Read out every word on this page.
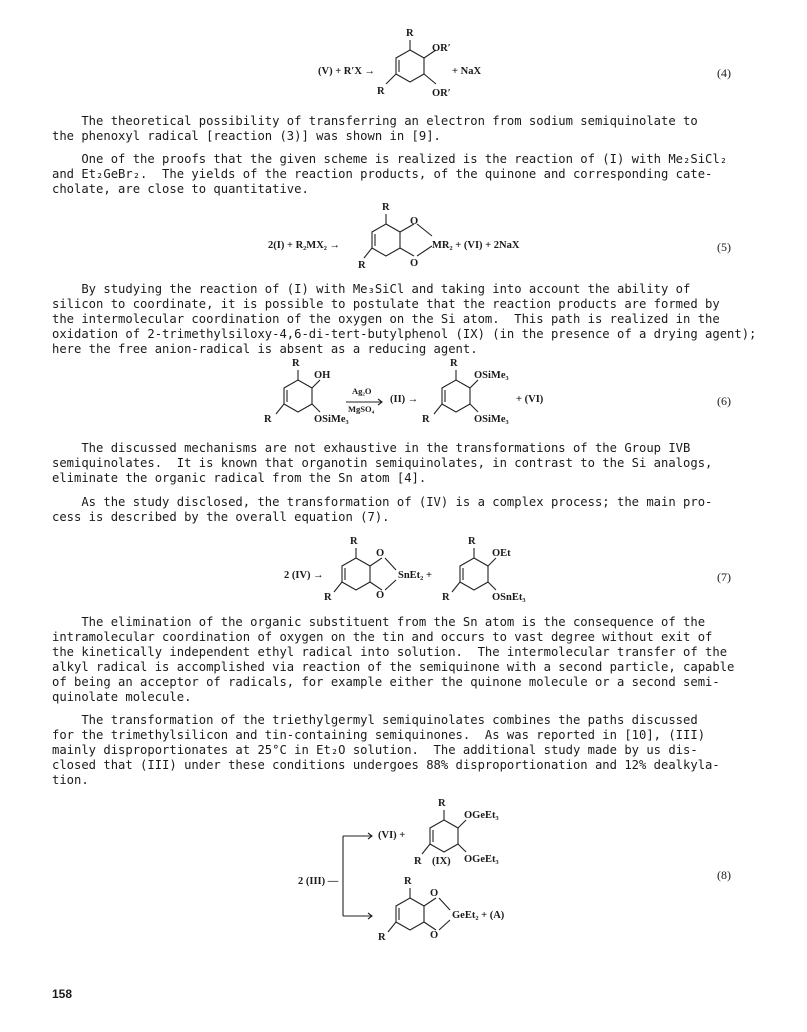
(V) + R′X →
R
OR′
OR′
R
+ NaX	(4)
The theoretical possibility of transferring an electron from sodium semiquinolate to
the phenoxyl radical [reaction (3)] was shown in [9].
One of the proofs that the given scheme is realized is the reaction of (I) with Me₂SiCl₂
and Et₂GeBr₂.  The yields of the reaction products, of the quinone and corresponding cate-
cholate, are close to quantitative.
2(I) + R₂MX₂ →
R
O
O
R
MR₂ + (VI) + 2NaX	(5)
By studying the reaction of (I) with Me₃SiCl and taking into account the ability of
silicon to coordinate, it is possible to postulate that the reaction products are formed by
the intermolecular coordination of the oxygen on the Si atom.  This path is realized in the
oxidation of 2-trimethylsiloxy-4,6-di-tert-butylphenol (IX) (in the presence of a drying agent);
here the free anion-radical is absent as a reducing agent.
R
OH
OSiMe₃
R
Ag₂O
MgSO₄
(II) →
R
OSiMe₃
OSiMe₃
R
+ (VI)	(6)
The discussed mechanisms are not exhaustive in the transformations of the Group IVB
semiquinolates.  It is known that organotin semiquinolates, in contrast to the Si analogs,
eliminate the organic radical from the Sn atom [4].
As the study disclosed, the transformation of (IV) is a complex process; the main pro-
cess is described by the overall equation (7).
2 (IV) →
R
O
O
R
SnEt₂ +
R
OEt
OSnEt₃
R
(7)
The elimination of the organic substituent from the Sn atom is the consequence of the
intramolecular coordination of oxygen on the tin and occurs to vast degree without exit of
the kinetically independent ethyl radical into solution.  The intermolecular transfer of the
alkyl radical is accomplished via reaction of the semiquinone with a second particle, capable
of being an acceptor of radicals, for example either the quinone molecule or a second semi-
quinolate molecule.
The transformation of the triethylgermyl semiquinolates combines the paths discussed
for the trimethylsilicon and tin-containing semiquinones.  As was reported in [10], (III)
mainly disproportionates at 25°C in Et₂O solution.  The additional study made by us dis-
closed that (III) under these conditions undergoes 88% disproportionation and 12% dealkyla-
tion.
2 (III) —
(VI) +
R
OGeEt₃
OGeEt₃
R (IX)
R
O
O
R
GeEt₂ + (A)
(8)
158
